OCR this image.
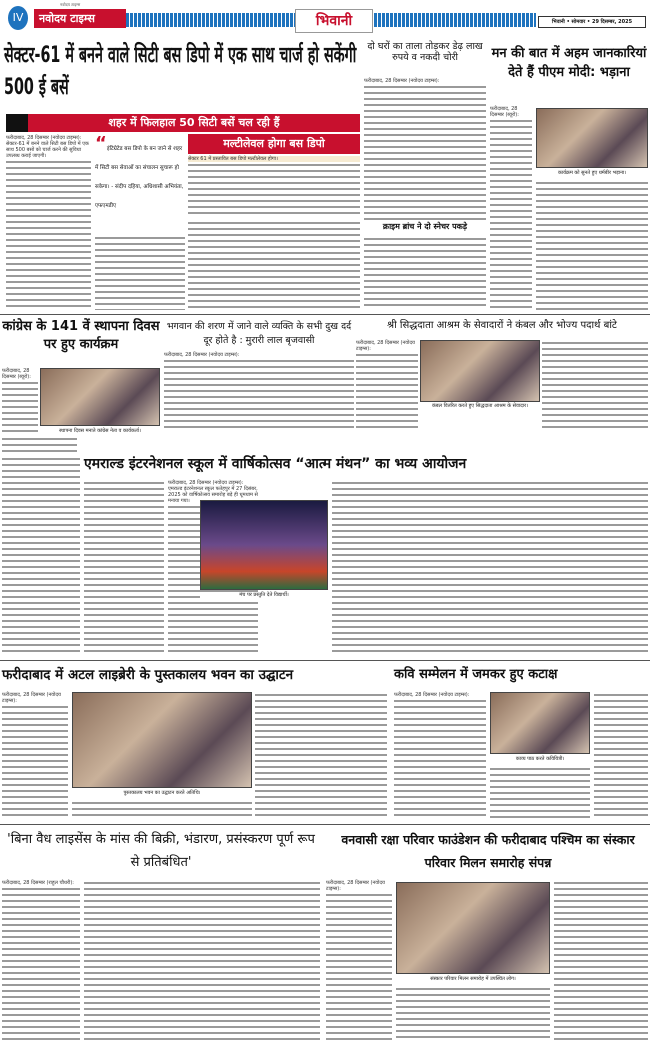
IV
नवोदय टाइम्स
नवोदय टाइम्स	भिवानी	भिवानी • सोमवार • 29 दिसम्बर, 2025
सेक्टर-61 में बनने वाले सिटी बस डिपो में एक साथ चार्ज हो सकेंगी 500 ई बसें
शहर में फिलहाल 50 सिटी बसें चल रही हैं
फरीदाबाद, 28 दिसम्बर (नवोदय टाइम्स): सेक्टर-61 में बनने वाले सिटी बस डिपो में एक साथ 500 बसों को चार्ज करने की सुविधा उपलब्ध कराई जाएगी।
“ इंटिग्रेटेड बस डिपो के बन जाने से शहर में सिटी बस सेवाओं का संचालन सुचारू हो सकेगा। - संदीप दहिया, अधिशासी अभियंता, एफएमडीए
मल्टीलेवल होगा बस डिपो
सेक्टर 61 में प्रस्तावित बस डिपो मल्टीलेवल होगा।
दो घरों का ताला तोड़कर डेढ़ लाख रुपये व नकदी चोरी
फरीदाबाद, 28 दिसम्बर (नवोदय टाइम्स):
क्राइम ब्रांच ने दो स्नेचर पकड़े
मन की बात में अहम जानकारियां देते हैं पीएम मोदी: भड़ाना
फरीदाबाद, 28 दिसम्बर (ब्यूरो):
कार्यक्रम को सुनते हुए धर्मबीर भड़ाना।
कांग्रेस के 141 वें स्थापना दिवस पर हुए कार्यक्रम
फरीदाबाद, 28 दिसम्बर (ब्यूरो):
स्थापना दिवस मनाते कांग्रेस नेता व कार्यकर्ता।
भगवान की शरण में जाने वाले व्यक्ति के सभी दुख दर्द दूर होते है : मुरारी लाल बृजवासी
फरीदाबाद, 28 दिसम्बर (नवोदय टाइम्स):
श्री सिद्धदाता आश्रम के सेवादारों ने कंबल और भोज्य पदार्थ बांटे
फरीदाबाद, 28 दिसम्बर (नवोदय टाइम्स):
कंबल वितरित करते हुए सिद्धदाता आश्रम के सेवादार।
एमराल्ड इंटरनेशनल स्कूल में वार्षिकोत्सव “आत्म मंथन” का भव्य आयोजन
फरीदाबाद, 28 दिसम्बर (नवोदय टाइम्स): एमराल्ड इंटरनेशनल स्कूल फतेहपुर में 27 दिसंबर, 2025 को वार्षिकोत्सव समारोह बड़े ही धूमधाम से मनाया गया।
मंच पर प्रस्तुति देते विद्यार्थी।
फरीदाबाद में अटल लाइब्रेरी के पुस्तकालय भवन का उद्घाटन
फरीदाबाद, 28 दिसम्बर (नवोदय टाइम्स):
पुस्तकालय भवन का उद्घाटन करते अतिथि।
कवि सम्मेलन में जमकर हुए कटाक्ष
फरीदाबाद, 28 दिसम्बर (नवोदय टाइम्स):
काव्य पाठ करते कवियित्री।
'बिना वैध लाइसेंस के मांस की बिक्री, भंडारण, प्रसंस्करण पूर्ण रूप से प्रतिबंधित'
फरीदाबाद, 28 दिसम्बर (राहुल चौधरी):
वनवासी रक्षा परिवार फाउंडेशन की फरीदाबाद पश्चिम का संस्कार परिवार मिलन समारोह संपन्न
फरीदाबाद, 28 दिसम्बर (नवोदय टाइम्स):
संस्कार परिवार मिलन समारोह में उपस्थित लोग।
